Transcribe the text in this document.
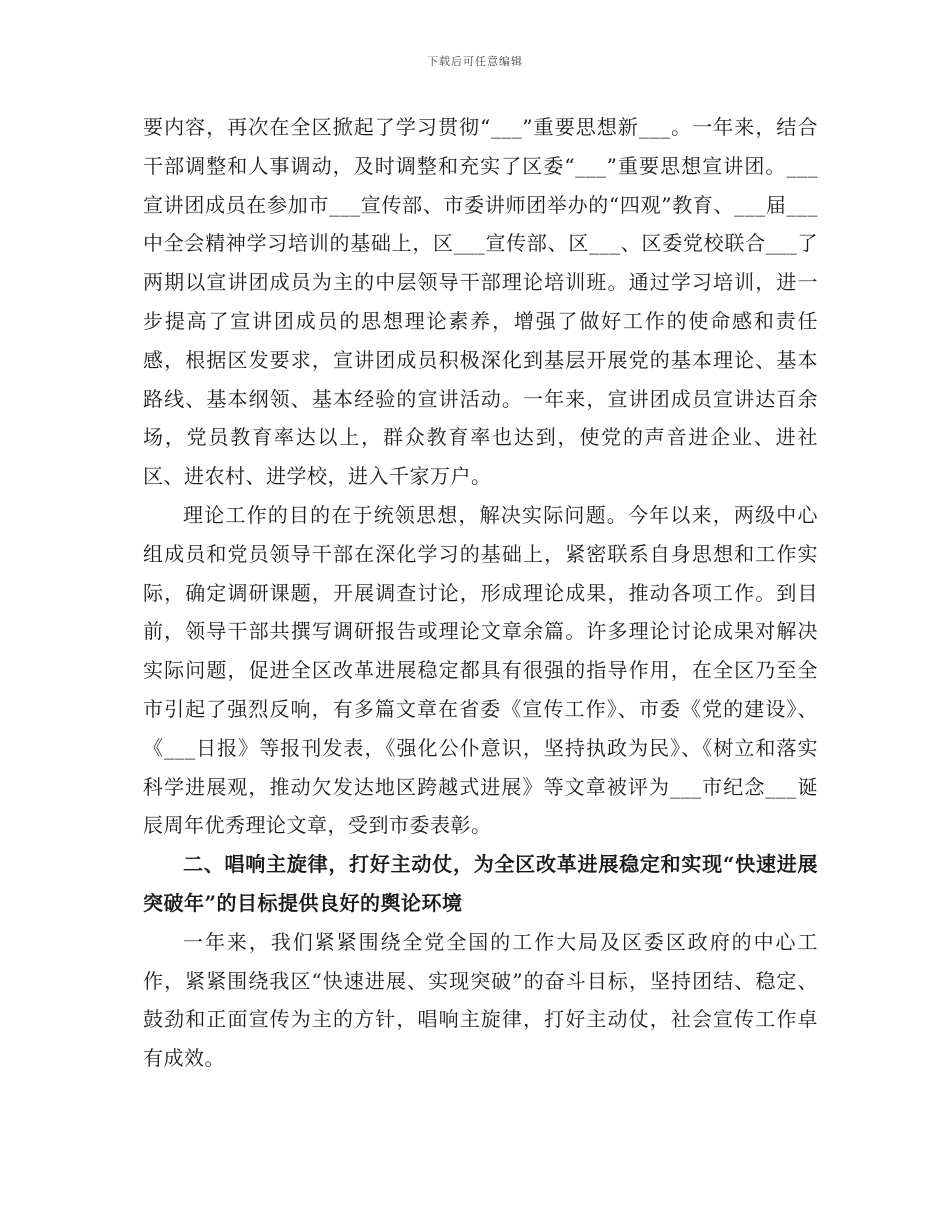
下载后可任意编辑

要内容，再次在全区掀起了学习贯彻“___”重要思想新___。一年来，结合干部调整和人事调动，及时调整和充实了区委“___”重要思想宣讲团。___宣讲团成员在参加市___宣传部、市委讲师团举办的“四观”教育、___届___中全会精神学习培训的基础上，区___宣传部、区___、区委党校联合___了两期以宣讲团成员为主的中层领导干部理论培训班。通过学习培训，进一步提高了宣讲团成员的思想理论素养，增强了做好工作的使命感和责任感，根据区发要求，宣讲团成员积极深化到基层开展党的基本理论、基本路线、基本纲领、基本经验的宣讲活动。一年来，宣讲团成员宣讲达百余场，党员教育率达以上，群众教育率也达到，使党的声音进企业、进社区、进农村、进学校，进入千家万户。

理论工作的目的在于统领思想，解决实际问题。今年以来，两级中心组成员和党员领导干部在深化学习的基础上，紧密联系自身思想和工作实际，确定调研课题，开展调查讨论，形成理论成果，推动各项工作。到目前，领导干部共撰写调研报告或理论文章余篇。许多理论讨论成果对解决实际问题，促进全区改革进展稳定都具有很强的指导作用，在全区乃至全市引起了强烈反响，有多篇文章在省委《宣传工作》、市委《党的建设》、《___日报》等报刊发表，《强化公仆意识，坚持执政为民》、《树立和落实科学进展观，推动欠发达地区跨越式进展》等文章被评为___市纪念___诞辰周年优秀理论文章，受到市委表彰。

二、唱响主旋律，打好主动仗，为全区改革进展稳定和实现“快速进展突破年”的目标提供良好的舆论环境

一年来，我们紧紧围绕全党全国的工作大局及区委区政府的中心工作，紧紧围绕我区“快速进展、实现突破”的奋斗目标，坚持团结、稳定、鼓劲和正面宣传为主的方针，唱响主旋律，打好主动仗，社会宣传工作卓有成效。
